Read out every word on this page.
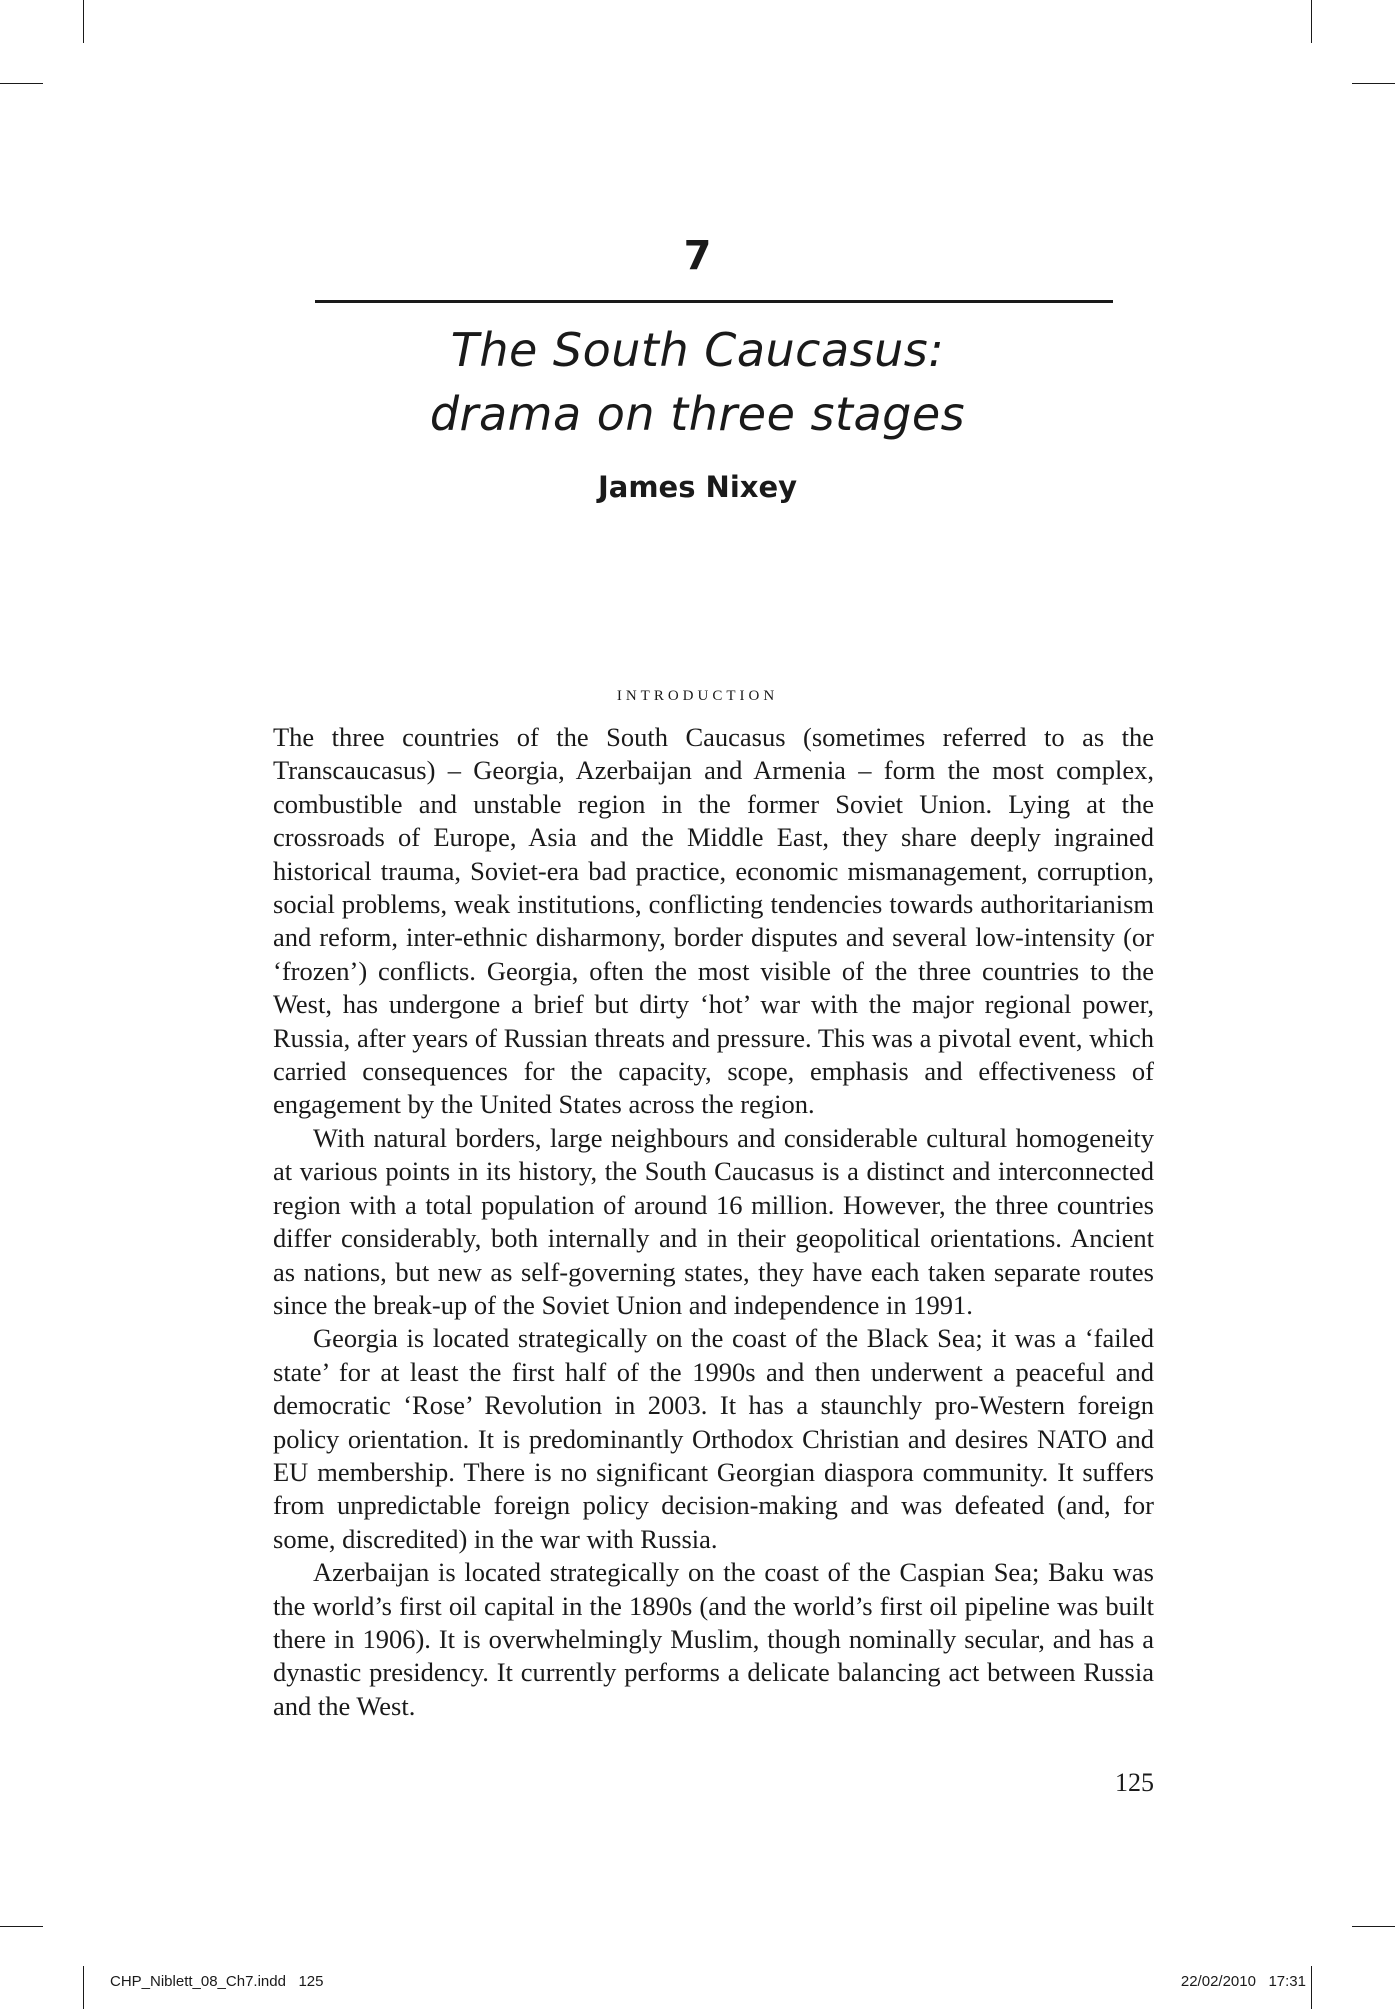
7
The South Caucasus:
drama on three stages
James Nixey
introduction

The three countries of the South Caucasus (sometimes referred to as the Transcaucasus) – Georgia, Azerbaijan and Armenia – form the most complex, combustible and unstable region in the former Soviet Union. Lying at the crossroads of Europe, Asia and the Middle East, they share deeply ingrained historical trauma, Soviet-era bad practice, economic mismanagement, corruption, social problems, weak institutions, conflicting tendencies towards authoritarianism and reform, inter-ethnic disharmony, border disputes and several low-intensity (or ‘frozen’) conflicts. Georgia, often the most visible of the three countries to the West, has undergone a brief but dirty ‘hot’ war with the major regional power, Russia, after years of Russian threats and pressure. This was a pivotal event, which carried consequences for the capacity, scope, emphasis and effectiveness of engagement by the United States across the region.

With natural borders, large neighbours and considerable cultural homogeneity at various points in its history, the South Caucasus is a distinct and interconnected region with a total population of around 16 million. However, the three countries differ considerably, both internally and in their geopolitical orientations. Ancient as nations, but new as self-governing states, they have each taken separate routes since the break-up of the Soviet Union and independence in 1991.

Georgia is located strategically on the coast of the Black Sea; it was a ‘failed state’ for at least the first half of the 1990s and then underwent a peaceful and democratic ‘Rose’ Revolution in 2003. It has a staunchly pro-Western foreign policy orientation. It is predominantly Orthodox Christian and desires NATO and EU membership. There is no significant Georgian diaspora community. It suffers from unpredictable foreign policy decision-making and was defeated (and, for some, discredited) in the war with Russia.

Azerbaijan is located strategically on the coast of the Caspian Sea; Baku was the world’s first oil capital in the 1890s (and the world’s first oil pipeline was built there in 1906). It is overwhelmingly Muslim, though nominally secular, and has a dynastic presidency. It currently performs a delicate balancing act between Russia and the West.

125
CHP_Niblett_08_Ch7.indd   125	22/02/2010   17:31
